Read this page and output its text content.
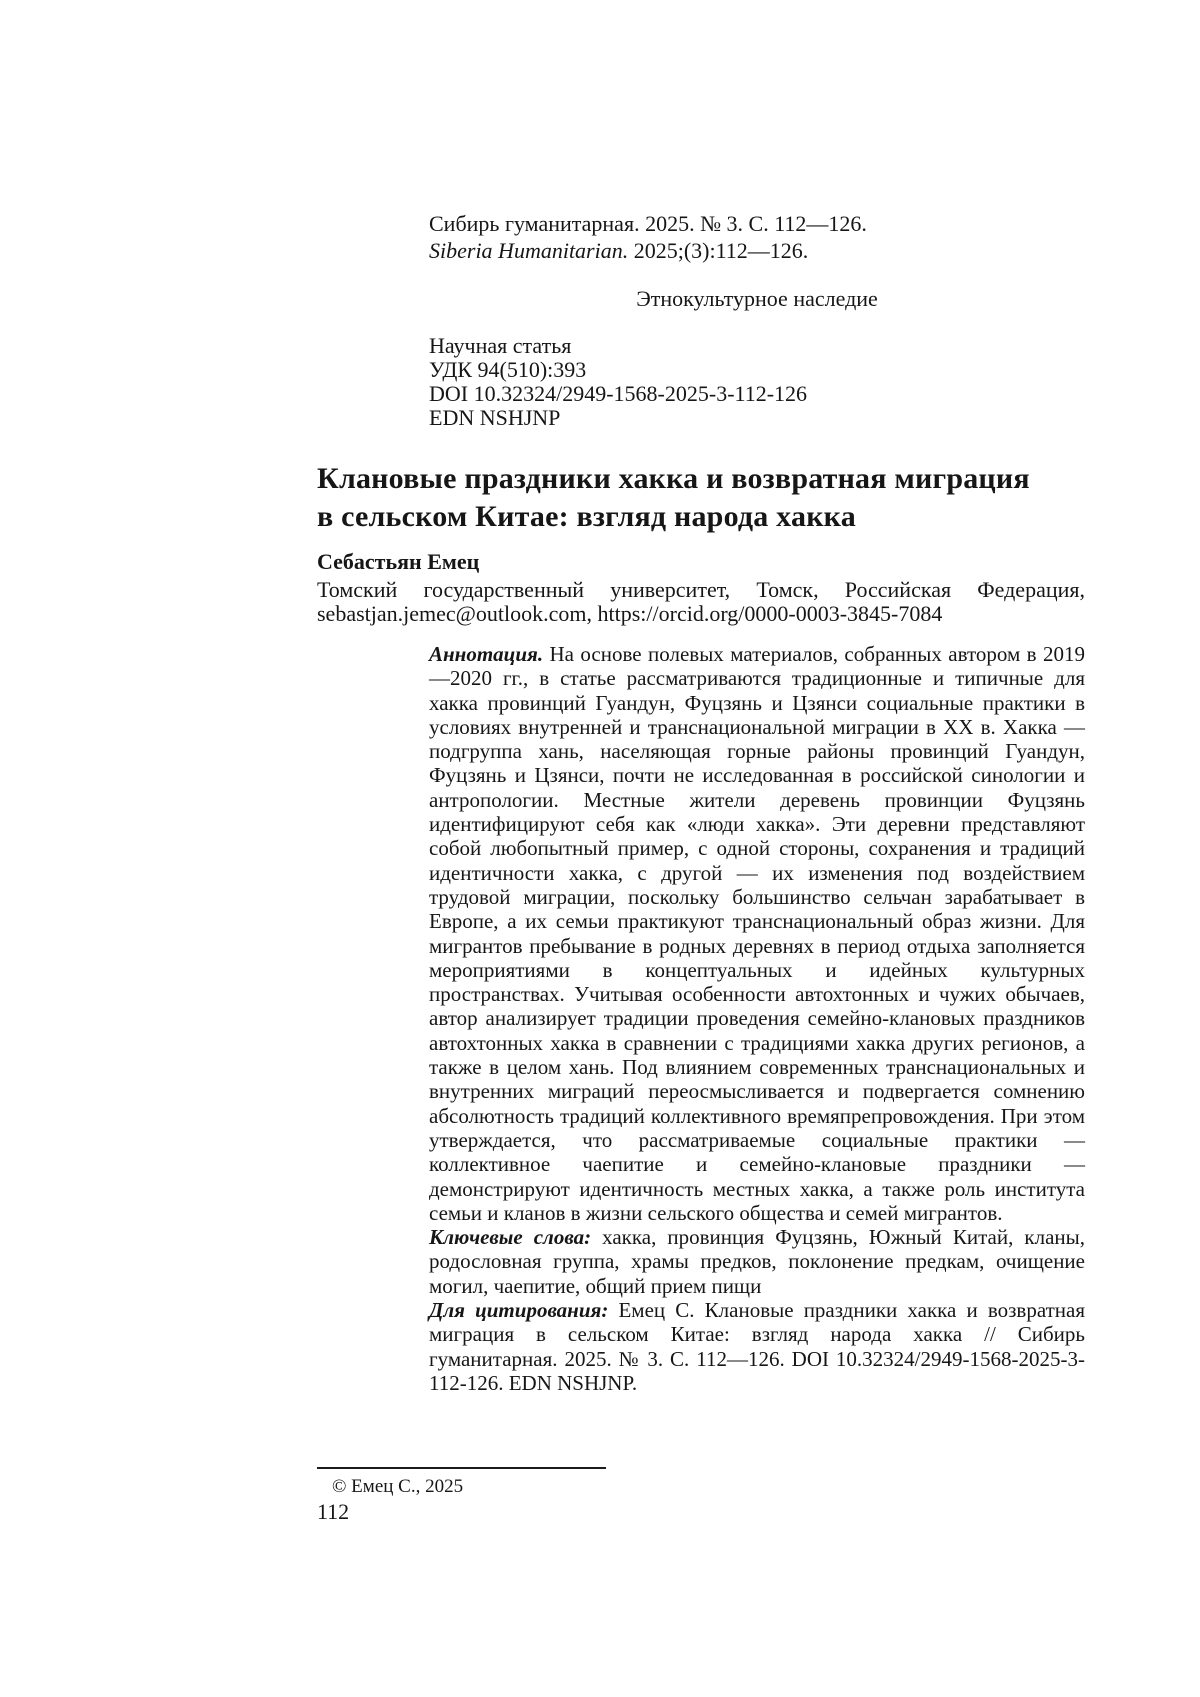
Сибирь гуманитарная. 2025. № 3. С. 112—126.
Siberia Humanitarian. 2025;(3):112—126.
Этнокультурное наследие
Научная статья
УДК 94(510):393
DOI 10.32324/2949-1568-2025-3-112-126
EDN NSHJNP
Клановые праздники хакка и возвратная миграция
в сельском Китае: взгляд народа хакка
Себастьян Емец
Томский государственный университет, Томск, Российская Федерация,
sebastjan.jemec@outlook.com, https://orcid.org/0000-0003-3845-7084

Аннотация. На основе полевых материалов, собранных автором в 2019—2020 гг., в статье рассматриваются традиционные и типичные для хакка провинций Гуандун, Фуцзянь и Цзянси социальные практики в условиях внутренней и транснациональной миграции в XX в. Хакка — подгруппа хань, населяющая горные районы провинций Гуандун, Фуцзянь и Цзянси, почти не исследованная в российской синологии и антропологии. Местные жители деревень провинции Фуцзянь идентифицируют себя как «люди хакка». Эти деревни представляют собой любопытный пример, с одной стороны, сохранения и традиций идентичности хакка, с другой — их изменения под воздействием трудовой миграции, поскольку большинство сельчан зарабатывает в Европе, а их семьи практикуют транснациональный образ жизни. Для мигрантов пребывание в родных деревнях в период отдыха заполняется мероприятиями в концептуальных и идейных культурных пространствах. Учитывая особенности автохтонных и чужих обычаев, автор анализирует традиции проведения семейно-клановых праздников автохтонных хакка в сравнении с традициями хакка других регионов, а также в целом хань. Под влиянием современных транснациональных и внутренних миграций переосмысливается и подвергается сомнению абсолютность традиций коллективного времяпрепровождения. При этом утверждается, что рассматриваемые социальные практики — коллективное чаепитие и семейно-клановые праздники — демонстрируют идентичность местных хакка, а также роль института семьи и кланов в жизни сельского общества и семей мигрантов.

Ключевые слова: хакка, провинция Фуцзянь, Южный Китай, кланы, родословная группа, храмы предков, поклонение предкам, очищение могил, чаепитие, общий прием пищи

Для цитирования: Емец С. Клановые праздники хакка и возвратная миграция в сельском Китае: взгляд народа хакка // Сибирь гуманитарная. 2025. № 3. С. 112—126. DOI 10.32324/2949-1568-2025-3-112-126. EDN NSHJNP.

© Емец С., 2025
112
